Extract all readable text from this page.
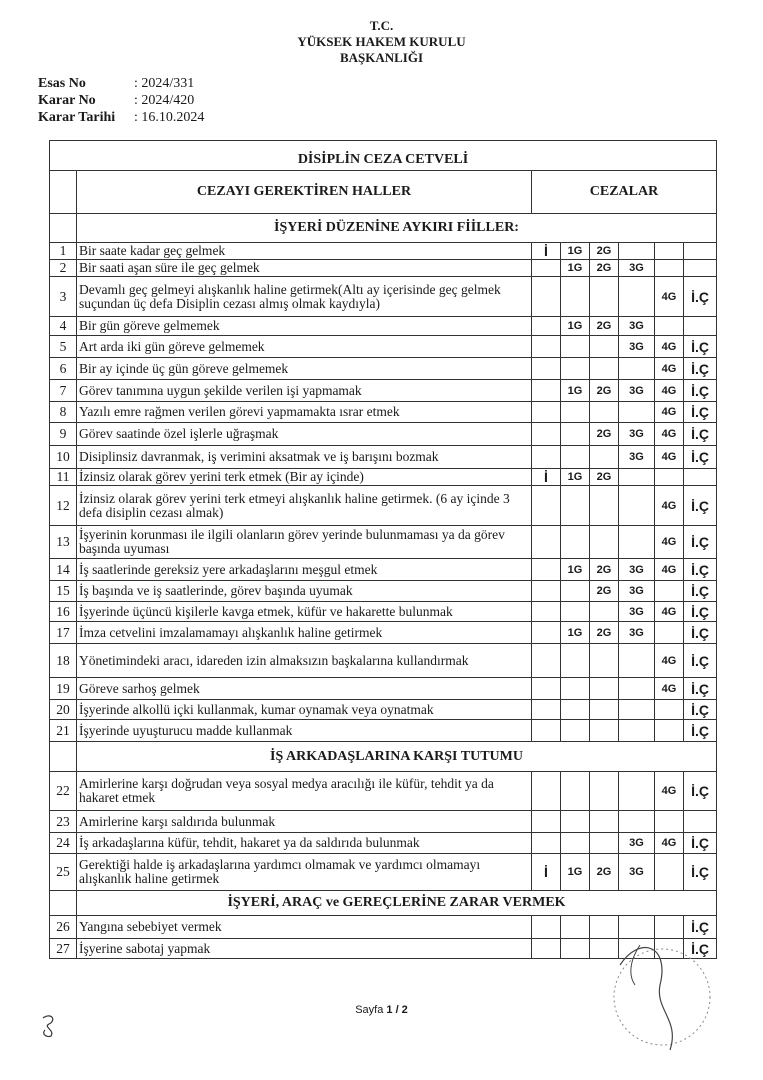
T.C.
YÜKSEK HAKEM KURULU
BAŞKANLIĞI
Esas No	: 2024/331
Karar No	: 2024/420
Karar Tarihi	: 16.10.2024
DİSİPLİN CEZA CETVELİ							
	CEZAYI GEREKTİREN HALLER	CEZALAR					
	İŞYERİ DÜZENİNE AYKIRI FİİLLER:						
1	Bir saate kadar geç gelmek	İ	1G	2G			
2	Bir saati aşan süre ile geç gelmek		1G	2G	3G		
3	Devamlı geç gelmeyi alışkanlık haline getirmek(Altı ay içerisinde geç gelmek suçundan üç defa Disiplin cezası almış olmak kaydıyla)					4G	İ.Ç
4	Bir gün göreve gelmemek		1G	2G	3G		
5	Art arda iki gün göreve gelmemek				3G	4G	İ.Ç
6	Bir ay içinde üç gün göreve gelmemek					4G	İ.Ç
7	Görev tanımına uygun şekilde verilen işi yapmamak		1G	2G	3G	4G	İ.Ç
8	Yazılı emre rağmen verilen görevi yapmamakta ısrar etmek					4G	İ.Ç
9	Görev saatinde özel işlerle uğraşmak			2G	3G	4G	İ.Ç
10	Disiplinsiz davranmak, iş verimini aksatmak ve iş barışını bozmak				3G	4G	İ.Ç
11	İzinsiz olarak görev yerini terk etmek (Bir ay içinde)	İ	1G	2G			
12	İzinsiz olarak görev yerini terk etmeyi alışkanlık haline getirmek. (6 ay içinde 3 defa disiplin cezası almak)					4G	İ.Ç
13	İşyerinin korunması ile ilgili olanların görev yerinde bulunmaması ya da görev başında uyuması					4G	İ.Ç
14	İş saatlerinde gereksiz yere arkadaşlarını meşgul etmek		1G	2G	3G	4G	İ.Ç
15	İş başında ve iş saatlerinde, görev başında uyumak			2G	3G		İ.Ç
16	İşyerinde üçüncü kişilerle kavga etmek, küfür ve hakarette bulunmak				3G	4G	İ.Ç
17	İmza cetvelini imzalamamayı alışkanlık haline getirmek		1G	2G	3G		İ.Ç
18	Yönetimindeki aracı, idareden izin almaksızın başkalarına kullandırmak					4G	İ.Ç
19	Göreve sarhoş gelmek					4G	İ.Ç
20	İşyerinde alkollü içki kullanmak, kumar oynamak veya oynatmak						İ.Ç
21	İşyerinde uyuşturucu madde kullanmak						İ.Ç
	İŞ ARKADAŞLARINA KARŞI TUTUMU						
22	Amirlerine karşı doğrudan veya sosyal medya aracılığı ile küfür, tehdit ya da hakaret etmek					4G	İ.Ç
23	Amirlerine karşı saldırıda bulunmak						
24	İş arkadaşlarına küfür, tehdit, hakaret ya da saldırıda bulunmak				3G	4G	İ.Ç
25	Gerektiği halde iş arkadaşlarına yardımcı olmamak ve yardımcı olmamayı alışkanlık haline getirmek	İ	1G	2G	3G		İ.Ç
	İŞYERİ, ARAÇ ve GEREÇLERİNE ZARAR VERMEK						
26	Yangına sebebiyet vermek						İ.Ç
27	İşyerine sabotaj yapmak						İ.Ç
Sayfa 1 / 2
